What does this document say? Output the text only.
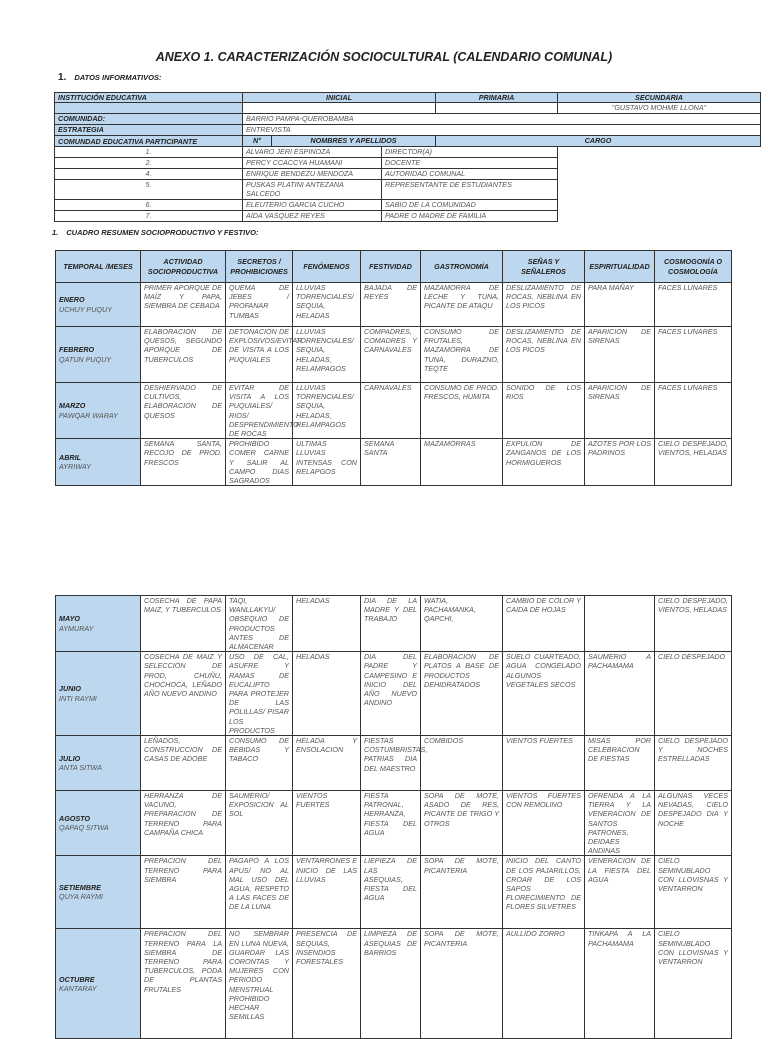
ANEXO 1. CARACTERIZACIÓN SOCIOCULTURAL (CALENDARIO COMUNAL)
1. DATOS INFORMATIVOS:
INSTITUCIÓN EDUCATIVA	INICIAL			PRIMARIA	SECUNDARIA
					"GUSTAVO MOHME LLONA"
COMUNIDAD:	BARRIO PAMPA-QUEROBAMBA				
ESTRATEGIA	ENTREVISTA				
COMUNDAD EDUCATIVA PARTICIPANTE	N°	NOMBRES Y APELLIDOS		CARGO	
1.	ALVARO JERI ESPINOZA		DIRECTOR(A)		
2.	PERCY CCACCYA HUAMANI		DOCENTE		
4.	ENRIQUE BENDEZU MENDOZA		AUTORIDAD COMUNAL		
5.	PUSKAS PLATINI ANTEZANA SALCEDO		REPRESENTANTE DE ESTUDIANTES		
6.	ELEUTERIO GARCIA CUCHO		SABIO DE LA COMUNIDAD		
7.	AIDA VASQUEZ REYES		PADRE O MADRE DE FAMILIA		
1. CUADRO RESUMEN SOCIOPRODUCTIVO Y FESTIVO:
TEMPORAL /MESES	ACTIVIDAD SOCIOPRODUCTIVA	SECRETOS / PROHIBICIONES	FENÓMENOS	FESTIVIDAD	GASTRONOMÍA	SEÑAS Y SEÑALEROS	ESPIRITUALIDAD	COSMOGONÍA O COSMOLOGÍA

ENERO
UCHUY PUQUY	PRIMER APORQUE DE MAÍZ Y PAPA, SIEMBRA DE CEBADA	QUEMA DE JEBES / PROFANAR TUMBAS	LLUVIAS TORRENCIALES/ SEQUIA, HELADAS	BAJADA DE REYES	MAZAMORRA DE LECHE Y TUNA, PICANTE DE ATAQU	DESLIZAMIENTO DE ROCAS, NEBLINA EN LOS PICOS	PARA MAÑAY	FACES LUNARES

FEBRERO
QATUN PUQUY	ELABORACION DE QUESOS, SEGUNDO APORQUE DE TUBERCULOS	DETONACION DE EXPLOSIVOS/EVITAR DE VISITA A LOS PUQUIALES	LLUVIAS TORRENCIALES/ SEQUIA, HELADAS, RELAMPAGOS	COMPADRES, COMADRES Y CARNAVALES	CONSUMO DE FRUTALES, MAZAMORRA DE TUNA, DURAZNO, TEQTE	DESLIZAMIENTO DE ROCAS, NEBLINA EN LOS PICOS	APARICION DE SIRENAS	FACES LUNARES

MARZO
PAWQAR WARAY	DESHIERVADO DE CULTIVOS, ELABORACION DE QUESOS	EVITAR DE VISITA A LOS PUQUIALES/ RIOS/ DESPRENDIMIENTO DE ROCAS	LLUVIAS TORRENCIALES/ SEQUIA, HELADAS, RELAMPAGOS	CARNAVALES	CONSUMO DE PROD. FRESCOS, HUMITA	SONIDO DE LOS RIOS	APARICION DE SIRENAS	FACES LUNARES

ABRIL
AYRIWAY	SEMANA SANTA, RECOJO DE PROD. FRESCOS	PROHIBIDO COMER CARNE Y SALIR AL CAMPO DIAS SAGRADOS	ULTIMAS LLUVIAS INTENSAS CON RELAPGOS	SEMANA SANTA	MAZAMORRAS	EXPULION DE ZANGANOS DE LOS HORMIGUEROS	AZOTES POR LOS PADRINOS	CIELO DESPEJADO, VIENTOS, HELADAS
MAYO
AYMURAY	COSECHA DE PAPA MAIZ, Y TUBERCULOS	TAQI, WANLLAKYU/ OBSEQUIO DE PRODUCTOS ANTES DE ALMACENAR	HELADAS	DIA DE LA MADRE Y DEL TRABAJO	WATIA, PACHAMANKA, QAPCHI,	CAMBIO DE COLOR Y CAIDA DE HOJAS		CIELO DESPEJADO, VIENTOS, HELADAS

JUNIO
INTI RAYMI	COSECHA DE MAIZ Y SELECCION DE PROD, CHUÑU, CHOCHOCA, LEÑADO AÑO NUEVO ANDINO	USO DE CAL, ASUFRE Y RAMAS DE EUCALIPTO PARA PROTEJER DE LAS POLILLAS/ PISAR LOS PRODUCTOS	HELADAS	DIA DEL PADRE Y CAMPESINO E INICIO DEL AÑO NUEVO ANDINO	ELABORACION DE PLATOS A BASE DE PRODUCTOS DEHIDRATADOS	SUELO CUARTEADO, AGUA CONGELADO ALGUNOS VEGETALES SECOS	SAUMERIO A PACHAMAMA	CIELO DESPEJADO

JULIO
ANTA SITWA	LEÑADOS, CONSTRUCCION DE CASAS DE ADOBE	CONSUMO DE BEBIDAS Y TABACO	HELADA Y ENSOLACION	FIESTAS COSTUMBRISTAS, PATRIAS DIA DEL MAESTRO	COMBIDOS	VIENTOS FUERTES	MISAS POR CELEBRACION DE FIESTAS	CIELO DESPEJADO Y NOCHES ESTRELLADAS

AGOSTO
QAPAQ SITWA	HERRANZA DE VACUNO, PREPARACION DE TERRENO PARA CAMPAÑA CHICA	SAUMERIO/ EXPOSICION AL SOL	VIENTOS FUERTES	FIESTA PATRONAL, HERRANZA, FIESTA DEL AGUA	SOPA DE MOTE, ASADO DE RES, PICANTE DE TRIGO Y OTROS	VIENTOS FUERTES CON REMOLINO	OFRENDA A LA TIERRA Y LA VENERACION DE SANTOS PATRONES, DEIDAES ANDINAS	ALGUNAS VECES NEVADAS, CIELO DESPEJADO DIA Y NOCHE

SETIEMBRE
QUYA RAYMI	PREPACION DEL TERRENO PARA SIEMBRA	PAGAPO A LOS APUS/ NO AL MAL USO DEL AGUA, RESPETO A LAS FACES DE DE LA LUNA	VENTARRONES E INICIO DE LAS LLUVIAS	LIEPIEZA DE LAS ASEQUIAS, FIESTA DEL AGUA	SOPA DE MOTE, PICANTERIA	INICIO DEL CANTO DE LOS PAJARILLOS, CROAR DE LOS SAPOS FLORECIMIENTO DE FLORES SILVETRES	VENERACION DE LA FIESTA DEL AGUA	CIELO SEMINUBLADO CON LLOVISNAS Y VENTARRON

OCTUBRE
KANTARAY	PREPACION DEL TERRENO PARA LA SIEMBRA DE TERRENO PARA TUBERCULOS, PODA DE PLANTAS FRUTALES	NO SEMBRAR EN LUNA NUEVA, GUARDAR LAS CORONTAS Y MUJERES CON PERIODO MENSTRUAL PROHIBIDO HECHAR SEMILLAS	PRESENCIA DE SEQUIAS, INSENDIOS FORESTALES	LIMPIEZA DE ASEQUIAS DE BARRIOS	SOPA DE MOTE, PICANTERIA	AULLIDO ZORRO	TINKAPA A LA PACHAMAMA	CIELO SEMINUBLADO CON LLOVISNAS Y VENTARRON
